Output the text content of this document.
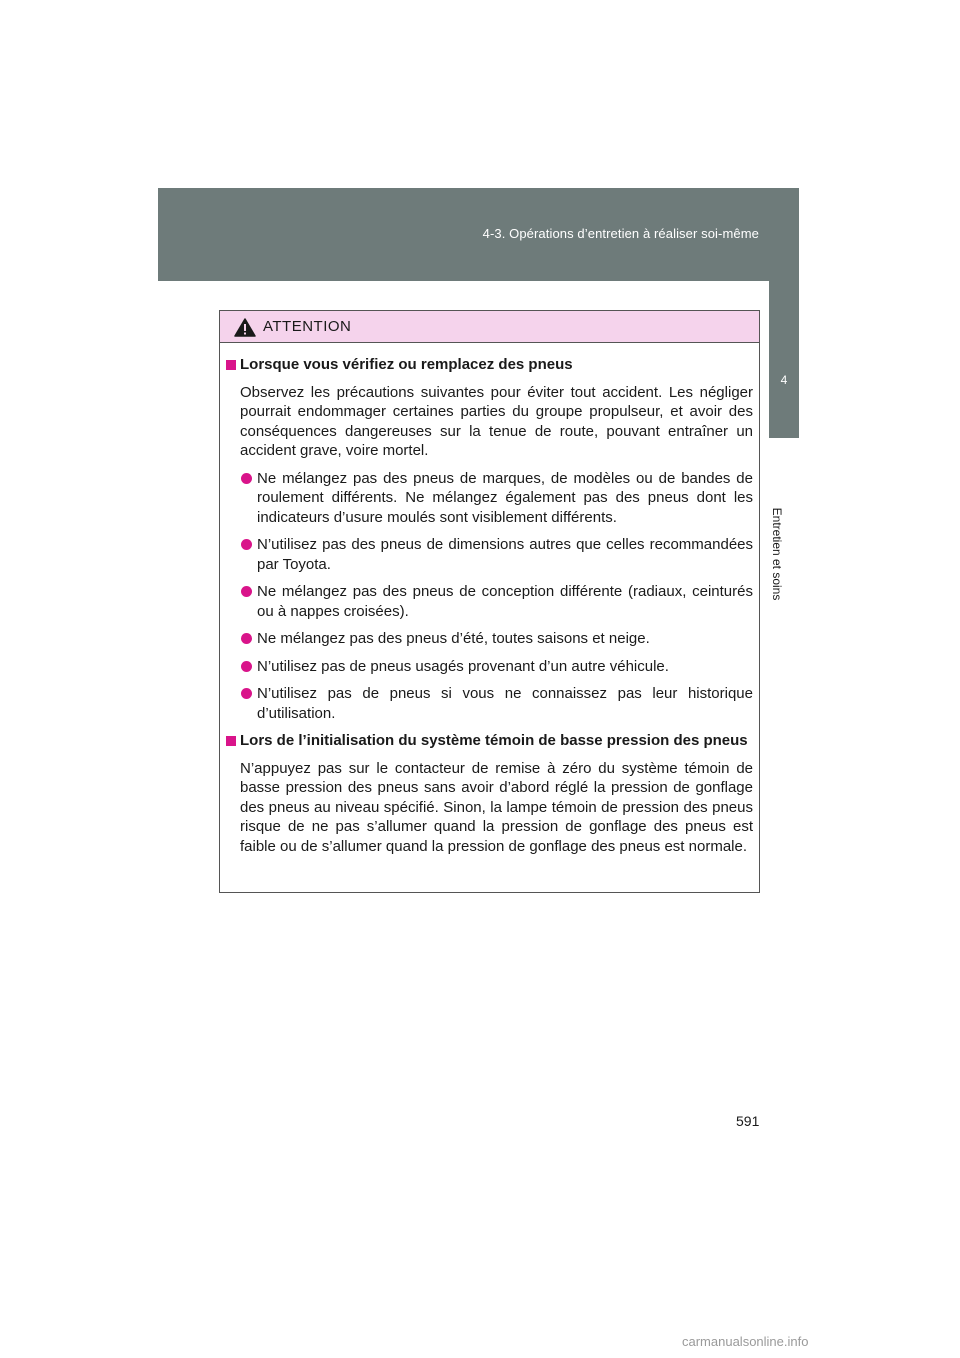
4-3. Opérations d’entretien à réaliser soi-même
4
Entretien et soins
ATTENTION
Lorsque vous vérifiez ou remplacez des pneus
Observez les précautions suivantes pour éviter tout accident. Les négliger pourrait endommager certaines parties du groupe propulseur, et avoir des conséquences dangereuses sur la tenue de route, pouvant entraîner un accident grave, voire mortel.
Ne mélangez pas des pneus de marques, de modèles ou de bandes de roulement différents. Ne mélangez également pas des pneus dont les indicateurs d’usure moulés sont visiblement différents.
N’utilisez pas des pneus de dimensions autres que celles recommandées par Toyota.
Ne mélangez pas des pneus de conception différente (radiaux, ceinturés ou à nappes croisées).
Ne mélangez pas des pneus d’été, toutes saisons et neige.
N’utilisez pas de pneus usagés provenant d’un autre véhicule.
N’utilisez pas de pneus si vous ne connaissez pas leur historique d’utilisation.
Lors de l’initialisation du système témoin de basse pression des pneus
N’appuyez pas sur le contacteur de remise à zéro du système témoin de basse pression des pneus sans avoir d’abord réglé la pression de gonflage des pneus au niveau spécifié. Sinon, la lampe témoin de pression des pneus risque de ne pas s’allumer quand la pression de gonflage des pneus est faible ou de s’allumer quand la pression de gonflage des pneus est normale.
591
carmanualsonline.info
